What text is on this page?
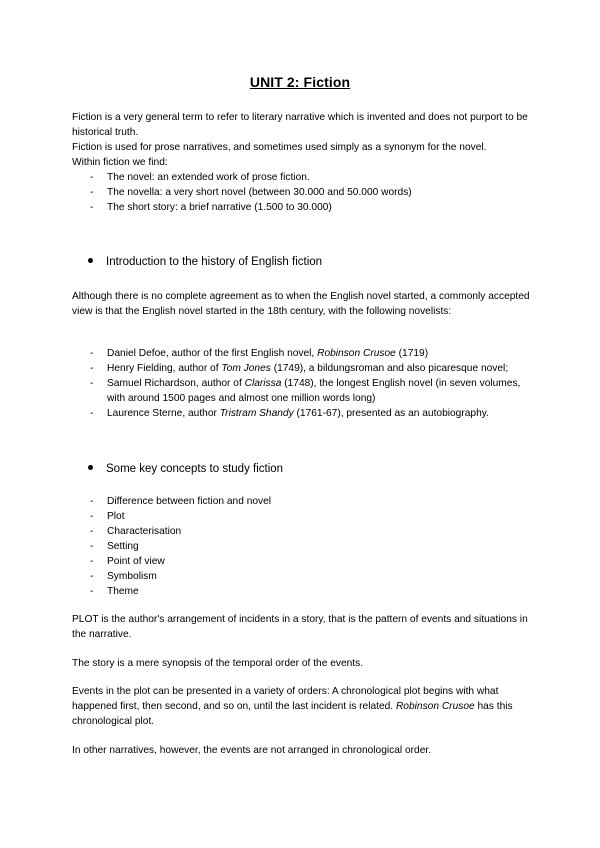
UNIT 2: Fiction
Fiction is a very general term to refer to literary narrative which is invented and does not purport to be historical truth.
Fiction is used for prose narratives, and sometimes used simply as a synonym for the novel.
Within fiction we find:
- The novel: an extended work of prose fiction.
- The novella: a very short novel (between 30.000 and 50.000 words)
- The short story: a brief narrative (1.500 to 30.000)
Introduction to the history of English fiction
Although there is no complete agreement as to when the English novel started, a commonly accepted view is that the English novel started in the 18th century, with the following novelists:
- Daniel Defoe, author of the first English novel, Robinson Crusoe (1719)
- Henry Fielding, author of Tom Jones (1749), a bildungsroman and also picaresque novel;
- Samuel Richardson, author of Clarissa (1748), the longest English novel (in seven volumes, with around 1500 pages and almost one million words long)
- Laurence Sterne, author Tristram Shandy (1761-67), presented as an autobiography.
Some key concepts to study fiction
- Difference between fiction and novel
- Plot
- Characterisation
- Setting
- Point of view
- Symbolism
- Theme
PLOT is the author's arrangement of incidents in a story, that is the pattern of events and situations in the narrative.
The story is a mere synopsis of the temporal order of the events.
Events in the plot can be presented in a variety of orders: A chronological plot begins with what happened first, then second, and so on, until the last incident is related. Robinson Crusoe has this chronological plot.
In other narratives, however, the events are not arranged in chronological order.
